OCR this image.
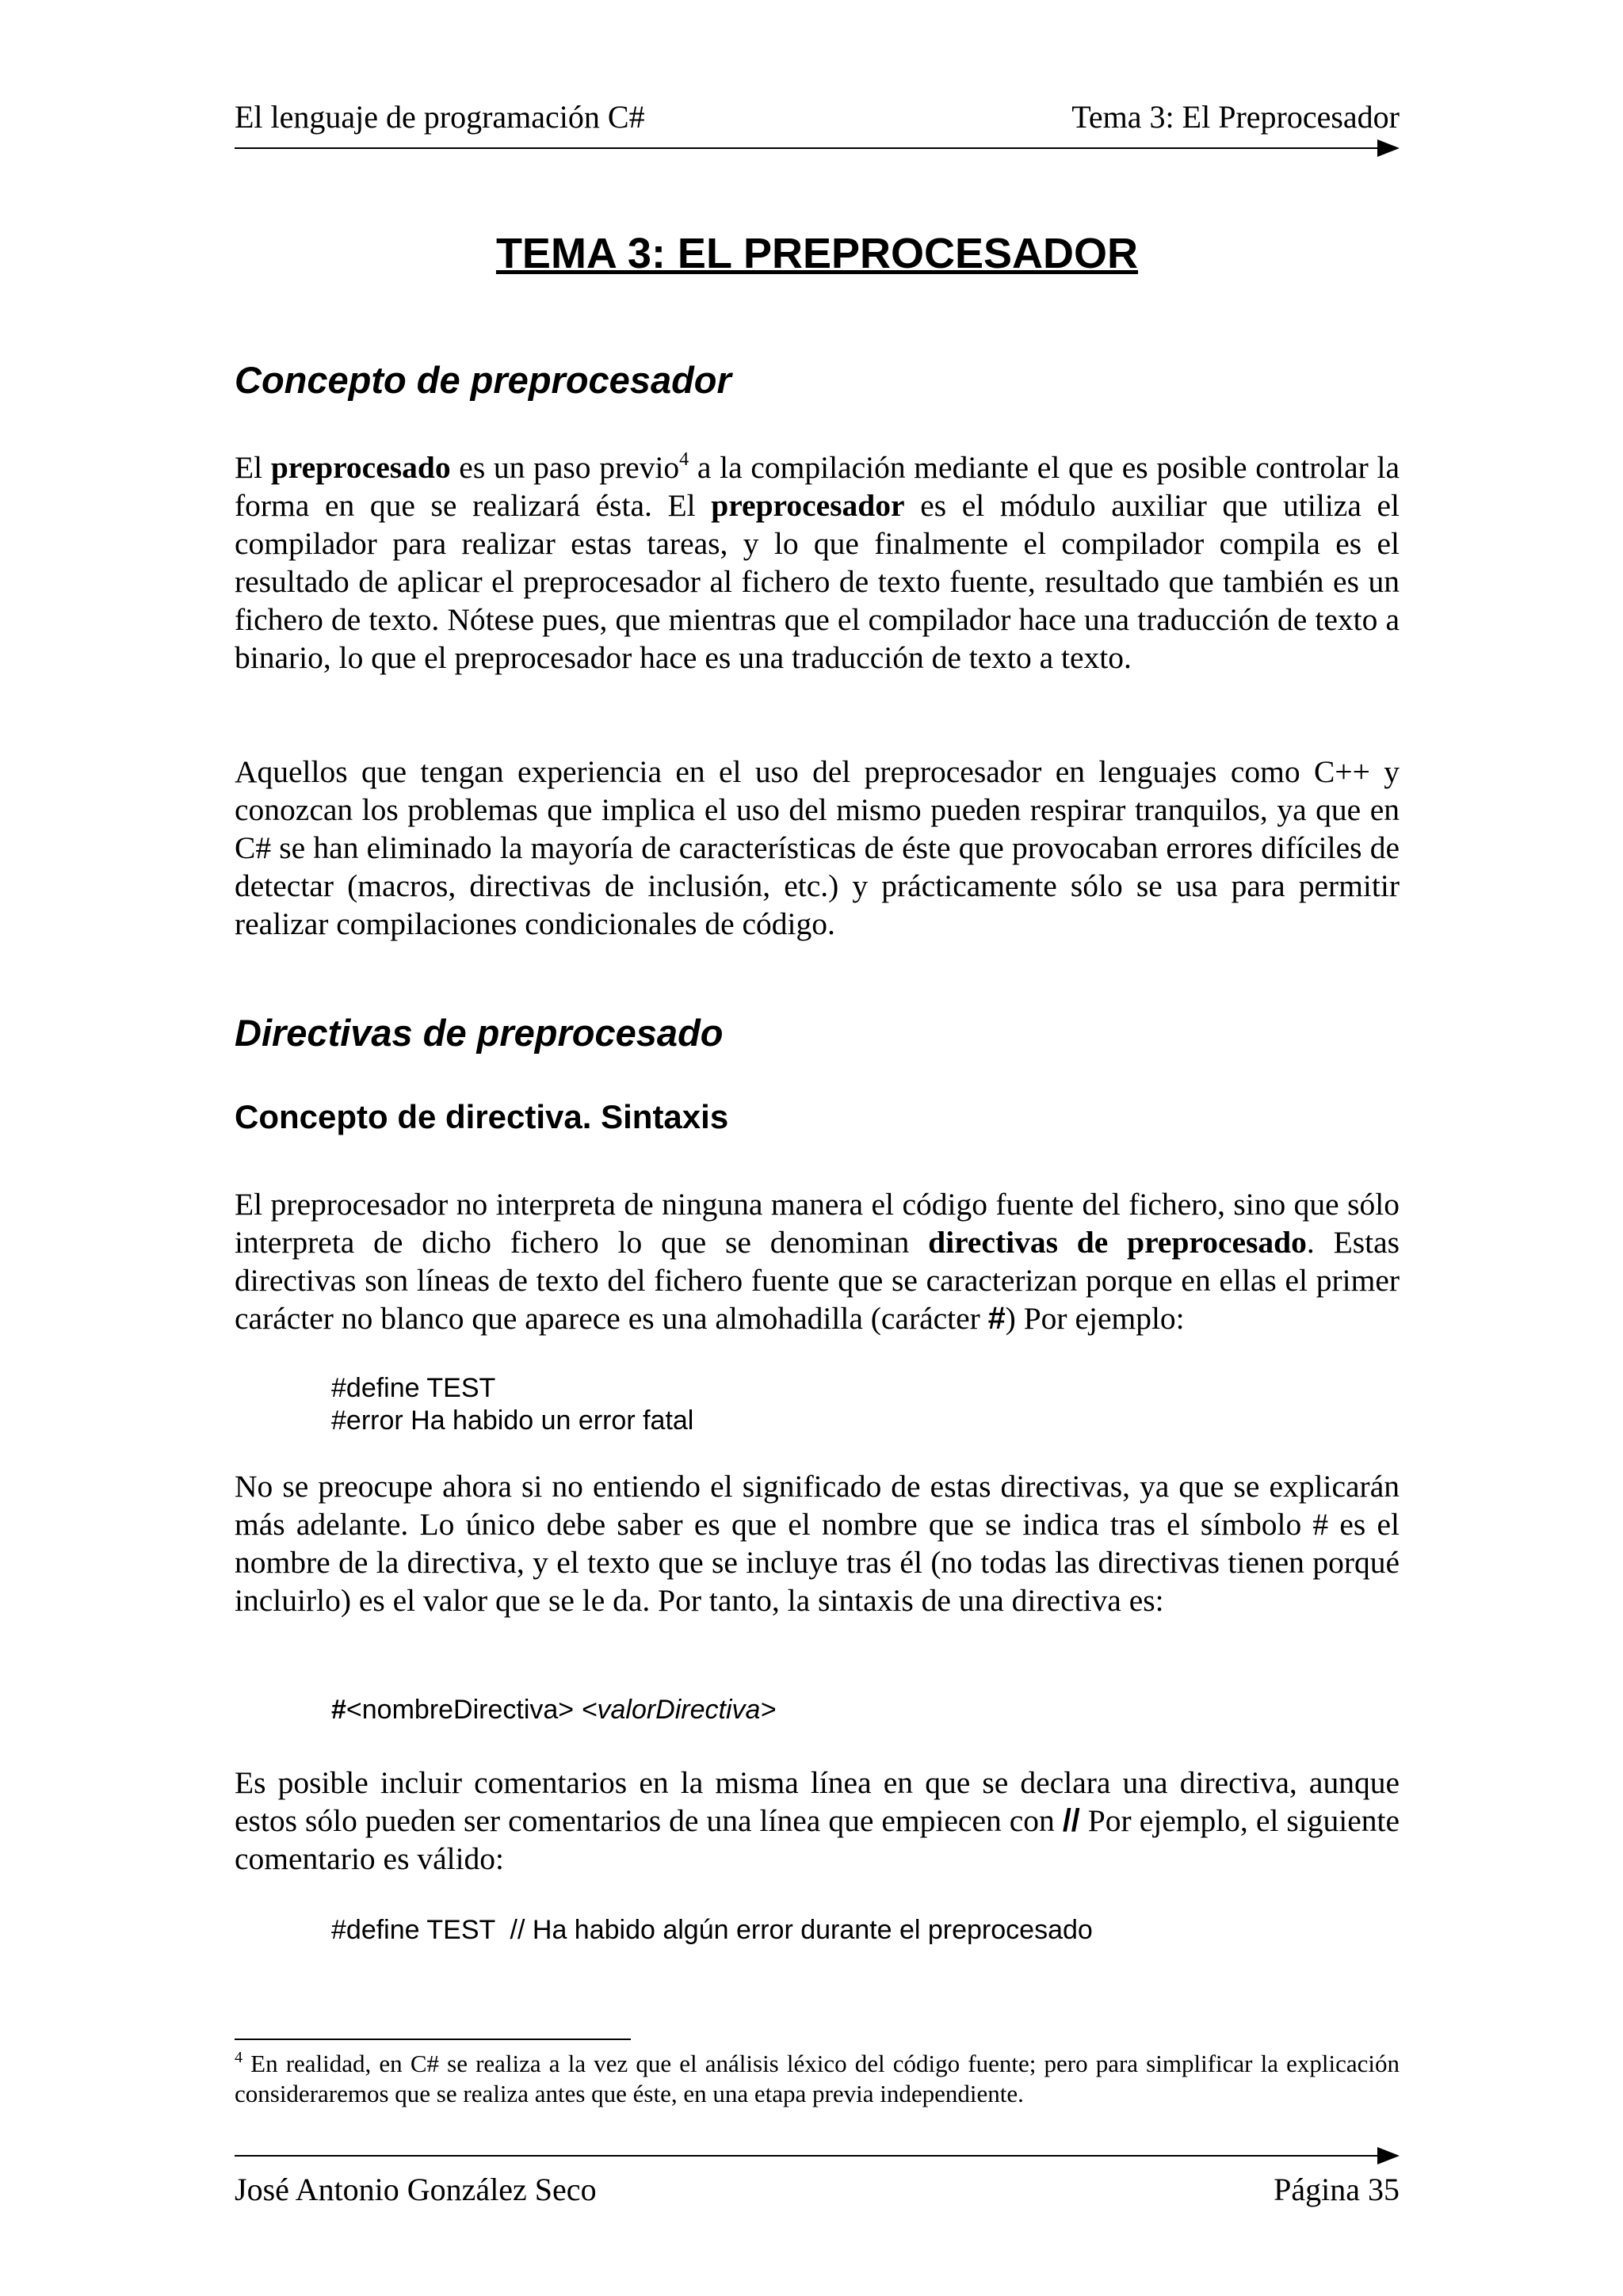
El lenguaje de programación C#	Tema 3: El Preprocesador
TEMA 3: EL PREPROCESADOR
Concepto de preprocesador

El preprocesado es un paso previo$^4$ a la compilación mediante el que es posible controlar la forma en que se realizará ésta. El preprocesador es el módulo auxiliar que utiliza el compilador para realizar estas tareas, y lo que finalmente el compilador compila es el resultado de aplicar el preprocesador al fichero de texto fuente, resultado que también es un fichero de texto. Nótese pues, que mientras que el compilador hace una traducción de texto a binario, lo que el preprocesador hace es una traducción de texto a texto.

Aquellos que tengan experiencia en el uso del preprocesador en lenguajes como C++ y conozcan los problemas que implica el uso del mismo pueden respirar tranquilos, ya que en C# se han eliminado la mayoría de características de éste que provocaban errores difíciles de detectar (macros, directivas de inclusión, etc.) y prácticamente sólo se usa para permitir realizar compilaciones condicionales de código.

Directivas de preprocesado
Concepto de directiva. Sintaxis

El preprocesador no interpreta de ninguna manera el código fuente del fichero, sino que sólo interpreta de dicho fichero lo que se denominan directivas de preprocesado. Estas directivas son líneas de texto del fichero fuente que se caracterizan porque en ellas el primer carácter no blanco que aparece es una almohadilla (carácter #) Por ejemplo:

#define TEST
#error Ha habido un error fatal

No se preocupe ahora si no entiendo el significado de estas directivas, ya que se explicarán más adelante. Lo único debe saber es que el nombre que se indica tras el símbolo # es el nombre de la directiva, y el texto que se incluye tras él (no todas las directivas tienen porqué incluirlo) es el valor que se le da. Por tanto, la sintaxis de una directiva es:

#<nombreDirectiva> <valorDirectiva>

Es posible incluir comentarios en la misma línea en que se declara una directiva, aunque estos sólo pueden ser comentarios de una línea que empiecen con // Por ejemplo, el siguiente comentario es válido:

#define TEST  // Ha habido algún error durante el preprocesado

$^4$ En realidad, en C# se realiza a la vez que el análisis léxico del código fuente; pero para simplificar la explicación consideraremos que se realiza antes que éste, en una etapa previa independiente.

José Antonio González Seco	Página 35
